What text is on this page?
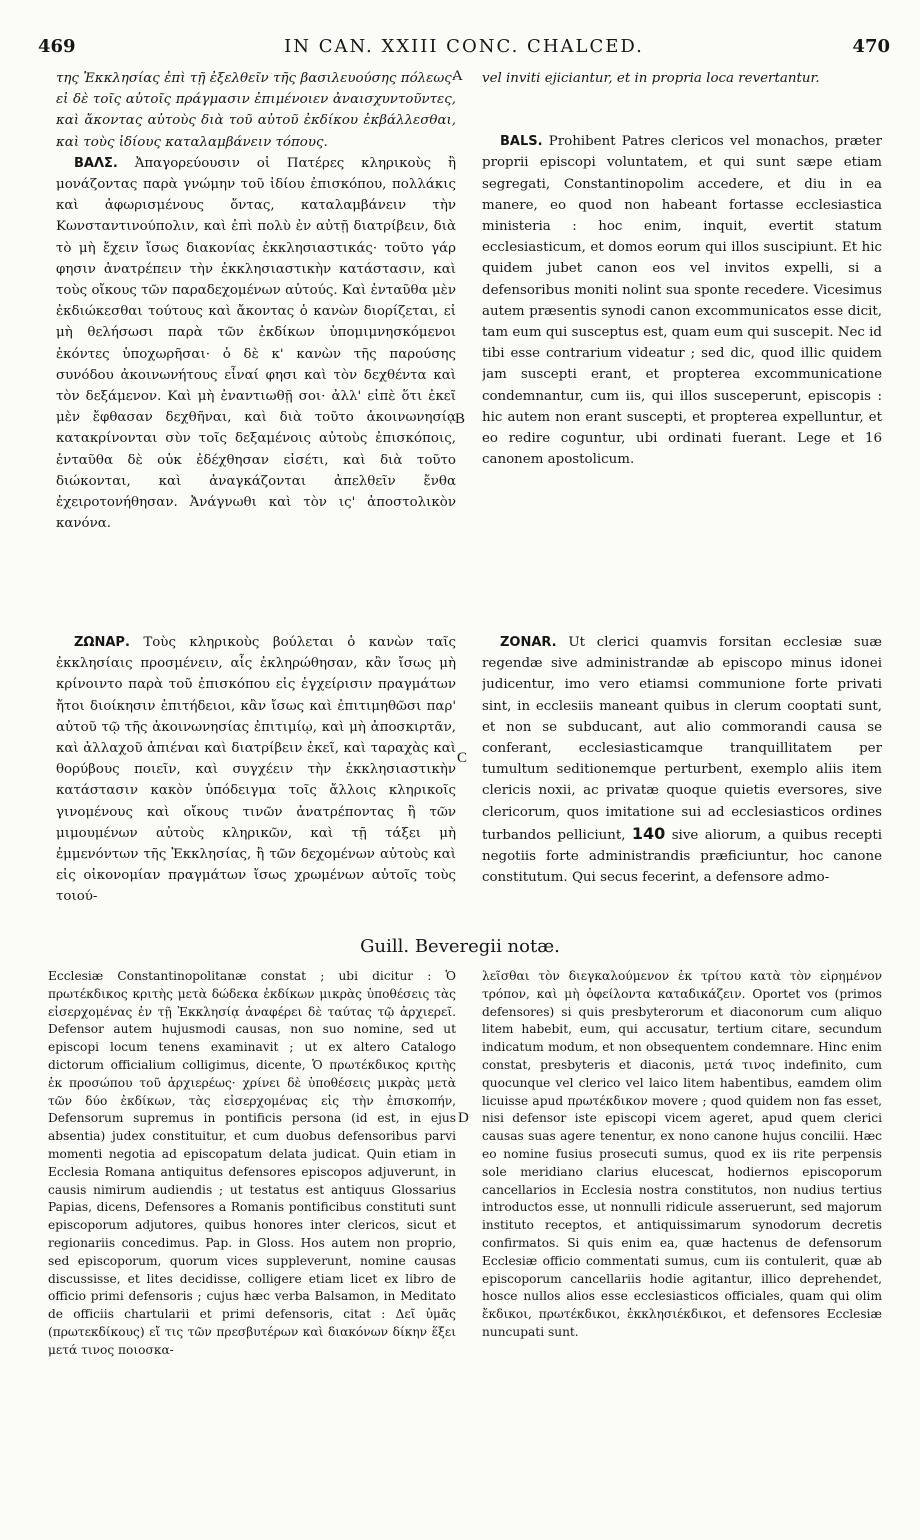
469	IN CAN. XXIII CONC. CHALCED.	470
A
B
C
D

της Ἐκκλησίας ἐπὶ τῇ ἐξελθεῖν τῆς βασιλευούσης πόλεως· εἰ δὲ τοῖς αὐτοῖς πράγμασιν ἐπιμένοιεν ἀναισχυντοῦντες, καὶ ἄκοντας αὐτοὺς διὰ τοῦ αὐτοῦ ἐκδίκου ἐκβάλλεσθαι, καὶ τοὺς ἰδίους καταλαμβάνειν τόπους.

ΒΑΛΣ. Ἀπαγορεύουσιν οἱ Πατέρες κληρικοὺς ἢ μονάζοντας παρὰ γνώμην τοῦ ἰδίου ἐπισκόπου, πολλάκις καὶ ἀφωρισμένους ὄντας, καταλαμβάνειν τὴν Κωνσταντινούπολιν, καὶ ἐπὶ πολὺ ἐν αὐτῇ διατρίβειν, διὰ τὸ μὴ ἔχειν ἴσως διακονίας ἐκκλησιαστικάς· τοῦτο γάρ φησιν ἀνατρέπειν τὴν ἐκκλησιαστικὴν κατάστασιν, καὶ τοὺς οἴκους τῶν παραδεχομένων αὐτούς. Καὶ ἐνταῦθα μὲν ἐκδιώκεσθαι τούτους καὶ ἄκοντας ὁ κανὼν διορίζεται, εἰ μὴ θελήσωσι παρὰ τῶν ἐκδίκων ὑπομιμνησκόμενοι ἑκόντες ὑποχωρῆσαι· ὁ δὲ κ' κανὼν τῆς παρούσης συνόδου ἀκοινωνήτους εἶναί φησι καὶ τὸν δεχθέντα καὶ τὸν δεξάμενον. Καὶ μὴ ἐναντιωθῇ σοι· ἀλλ' εἰπὲ ὅτι ἐκεῖ μὲν ἔφθασαν δεχθῆναι, καὶ διὰ τοῦτο ἀκοινωνησίᾳ κατακρίνονται σὺν τοῖς δεξαμένοις αὐτοὺς ἐπισκόποις, ἐνταῦθα δὲ οὐκ ἐδέχθησαν εἰσέτι, καὶ διὰ τοῦτο διώκονται, καὶ ἀναγκάζονται ἀπελθεῖν ἔνθα ἐχειροτονήθησαν. Ἀνάγνωθι καὶ τὸν ις' ἀποστολικὸν κανόνα.

vel inviti ejiciantur, et in propria loca revertantur.

BALS. Prohibent Patres clericos vel monachos, præter proprii episcopi voluntatem, et qui sunt sæpe etiam segregati, Constantinopolim accedere, et diu in ea manere, eo quod non habeant fortasse ecclesiastica ministeria : hoc enim, inquit, evertit statum ecclesiasticum, et domos eorum qui illos suscipiunt. Et hic quidem jubet canon eos vel invitos expelli, si a defensoribus moniti nolint sua sponte recedere. Vicesimus autem præsentis synodi canon excommunicatos esse dicit, tam eum qui susceptus est, quam eum qui suscepit. Nec id tibi esse contrarium videatur ; sed dic, quod illic quidem jam suscepti erant, et propterea excommunicatione condemnantur, cum iis, qui illos susceperunt, episcopis : hic autem non erant suscepti, et propterea expelluntur, et eo redire coguntur, ubi ordinati fuerant. Lege et 16 canonem apostolicum.

ΖΩΝΑΡ. Τοὺς κληρικοὺς βούλεται ὁ κανὼν ταῖς ἐκκλησίαις προσμένειν, αἷς ἐκληρώθησαν, κἂν ἴσως μὴ κρίνοιντο παρὰ τοῦ ἐπισκόπου εἰς ἐγχείρισιν πραγμάτων ἤτοι διοίκησιν ἐπιτήδειοι, κἂν ἴσως καὶ ἐπιτιμηθῶσι παρ' αὐτοῦ τῷ τῆς ἀκοινωνησίας ἐπιτιμίῳ, καὶ μὴ ἀποσκιρτᾶν, καὶ ἀλλαχοῦ ἀπιέναι καὶ διατρίβειν ἐκεῖ, καὶ ταραχὰς καὶ θορύβους ποιεῖν, καὶ συγχέειν τὴν ἐκκλησιαστικὴν κατάστασιν κακὸν ὑπόδειγμα τοῖς ἄλλοις κληρικοῖς γινομένους καὶ οἴκους τινῶν ἀνατρέποντας ἢ τῶν μιμουμένων αὐτοὺς κληρικῶν, καὶ τῇ τάξει μὴ ἐμμενόντων τῆς Ἐκκλησίας, ἢ τῶν δεχομένων αὐτοὺς καὶ εἰς οἰκονομίαν πραγμάτων ἴσως χρωμένων αὐτοῖς τοὺς τοιού-

ZONAR. Ut clerici quamvis forsitan ecclesiæ suæ regendæ sive administrandæ ab episcopo minus idonei judicentur, imo vero etiamsi communione forte privati sint, in ecclesiis maneant quibus in clerum cooptati sunt, et non se subducant, aut alio commorandi causa se conferant, ecclesiasticamque tranquillitatem per tumultum seditionemque perturbent, exemplo aliis item clericis noxii, ac privatæ quoque quietis eversores, sive clericorum, quos imitatione sui ad ecclesiasticos ordines turbandos pelliciunt, 140 sive aliorum, a quibus recepti negotiis forte administrandis præficiuntur, hoc canone constitutum. Qui secus fecerint, a defensore admo-

Guill. Beveregii notæ.

Ecclesiæ Constantinopolitanæ constat ; ubi dicitur : Ὁ πρωτέκδικος κριτὴς μετὰ δώδεκα ἐκδίκων μικρὰς ὑποθέσεις τὰς εἰσερχομένας ἐν τῇ Ἐκκλησίᾳ ἀναφέρει δὲ ταύτας τῷ ἀρχιερεῖ. Defensor autem hujusmodi causas, non suo nomine, sed ut episcopi locum tenens examinavit ; ut ex altero Catalogo dictorum officialium colligimus, dicente, Ὁ πρωτέκδικος κριτὴς ἐκ προσώπου τοῦ ἀρχιερέως· χρίνει δὲ ὑποθέσεις μικρὰς μετὰ τῶν δύο ἐκδίκων, τὰς εἰσερχομένας εἰς τὴν ἐπισκοπήν, Defensorum supremus in pontificis persona (id est, in ejus absentia) judex constituitur, et cum duobus defensoribus parvi momenti negotia ad episcopatum delata judicat. Quin etiam in Ecclesia Romana antiquitus defensores episcopos adjuverunt, in causis nimirum audiendis ; ut testatus est antiquus Glossarius Papias, dicens, Defensores a Romanis pontificibus constituti sunt episcoporum adjutores, quibus honores inter clericos, sicut et regionariis concedimus. Pap. in Gloss. Hos autem non proprio, sed episcoporum, quorum vices suppleverunt, nomine causas discussisse, et lites decidisse, colligere etiam licet ex libro de officio primi defensoris ; cujus hæc verba Balsamon, in Meditato de officiis chartularii et primi defensoris, citat : Δεῖ ὑμᾶς (πρωτεκδίκους) εἴ τις τῶν πρεσβυτέρων καὶ διακόνων δίκην ἕξει μετά τινος ποιοσκα-

λεῖσθαι τὸν διεγκαλούμενον ἐκ τρίτου κατὰ τὸν εἰρημένον τρόπον, καὶ μὴ ὀφείλοντα καταδικάζειν. Oportet vos (primos defensores) si quis presbyterorum et diaconorum cum aliquo litem habebit, eum, qui accusatur, tertium citare, secundum indicatum modum, et non obsequentem condemnare. Hinc enim constat, presbyteris et diaconis, μετά τινος indefinito, cum quocunque vel clerico vel laico litem habentibus, eamdem olim licuisse apud πρωτέκδικον movere ; quod quidem non fas esset, nisi defensor iste episcopi vicem ageret, apud quem clerici causas suas agere tenentur, ex nono canone hujus concilii. Hæc eo nomine fusius prosecuti sumus, quod ex iis rite perpensis sole meridiano clarius elucescat, hodiernos episcoporum cancellarios in Ecclesia nostra constitutos, non nudius tertius introductos esse, ut nonnulli ridicule asseruerunt, sed majorum instituto receptos, et antiquissimarum synodorum decretis confirmatos. Si quis enim ea, quæ hactenus de defensorum Ecclesiæ officio commentati sumus, cum iis contulerit, quæ ab episcoporum cancellariis hodie agitantur, illico deprehendet, hosce nullos alios esse ecclesiasticos officiales, quam qui olim ἔκδικοι, πρωτέκδικοι, ἐκκλησιέκδικοι, et defensores Ecclesiæ nuncupati sunt.
